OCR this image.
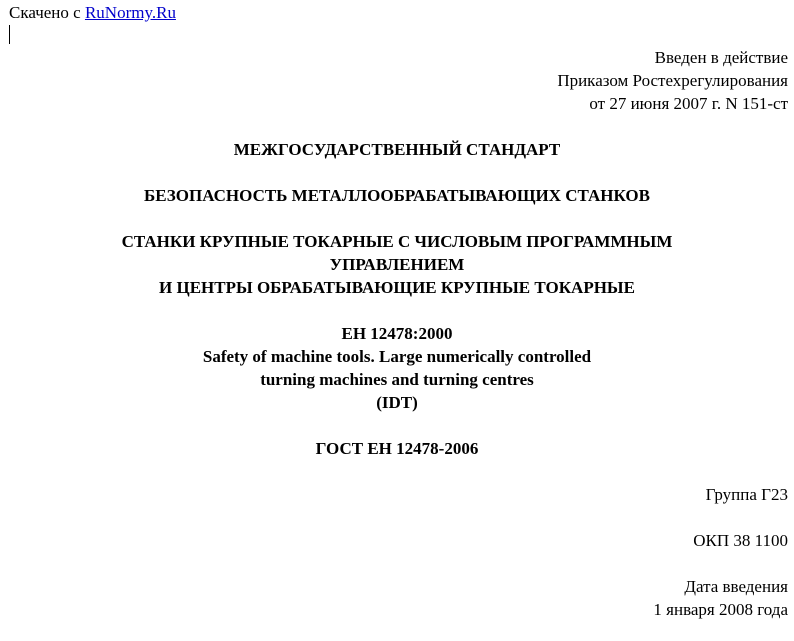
Скачено с RuNormy.Ru
Введен в действие
Приказом Ростехрегулирования
от 27 июня 2007 г. N 151-ст
МЕЖГОСУДАРСТВЕННЫЙ СТАНДАРТ
БЕЗОПАСНОСТЬ МЕТАЛЛООБРАБАТЫВАЮЩИХ СТАНКОВ
СТАНКИ КРУПНЫЕ ТОКАРНЫЕ С ЧИСЛОВЫМ ПРОГРАММНЫМ
УПРАВЛЕНИЕМ
И ЦЕНТРЫ ОБРАБАТЫВАЮЩИЕ КРУПНЫЕ ТОКАРНЫЕ
ЕН 12478:2000
Safety of machine tools. Large numerically controlled
turning machines and turning centres
(IDT)
ГОСТ ЕН 12478-2006
Группа Г23
ОКП 38 1100
Дата введения
1 января 2008 года
